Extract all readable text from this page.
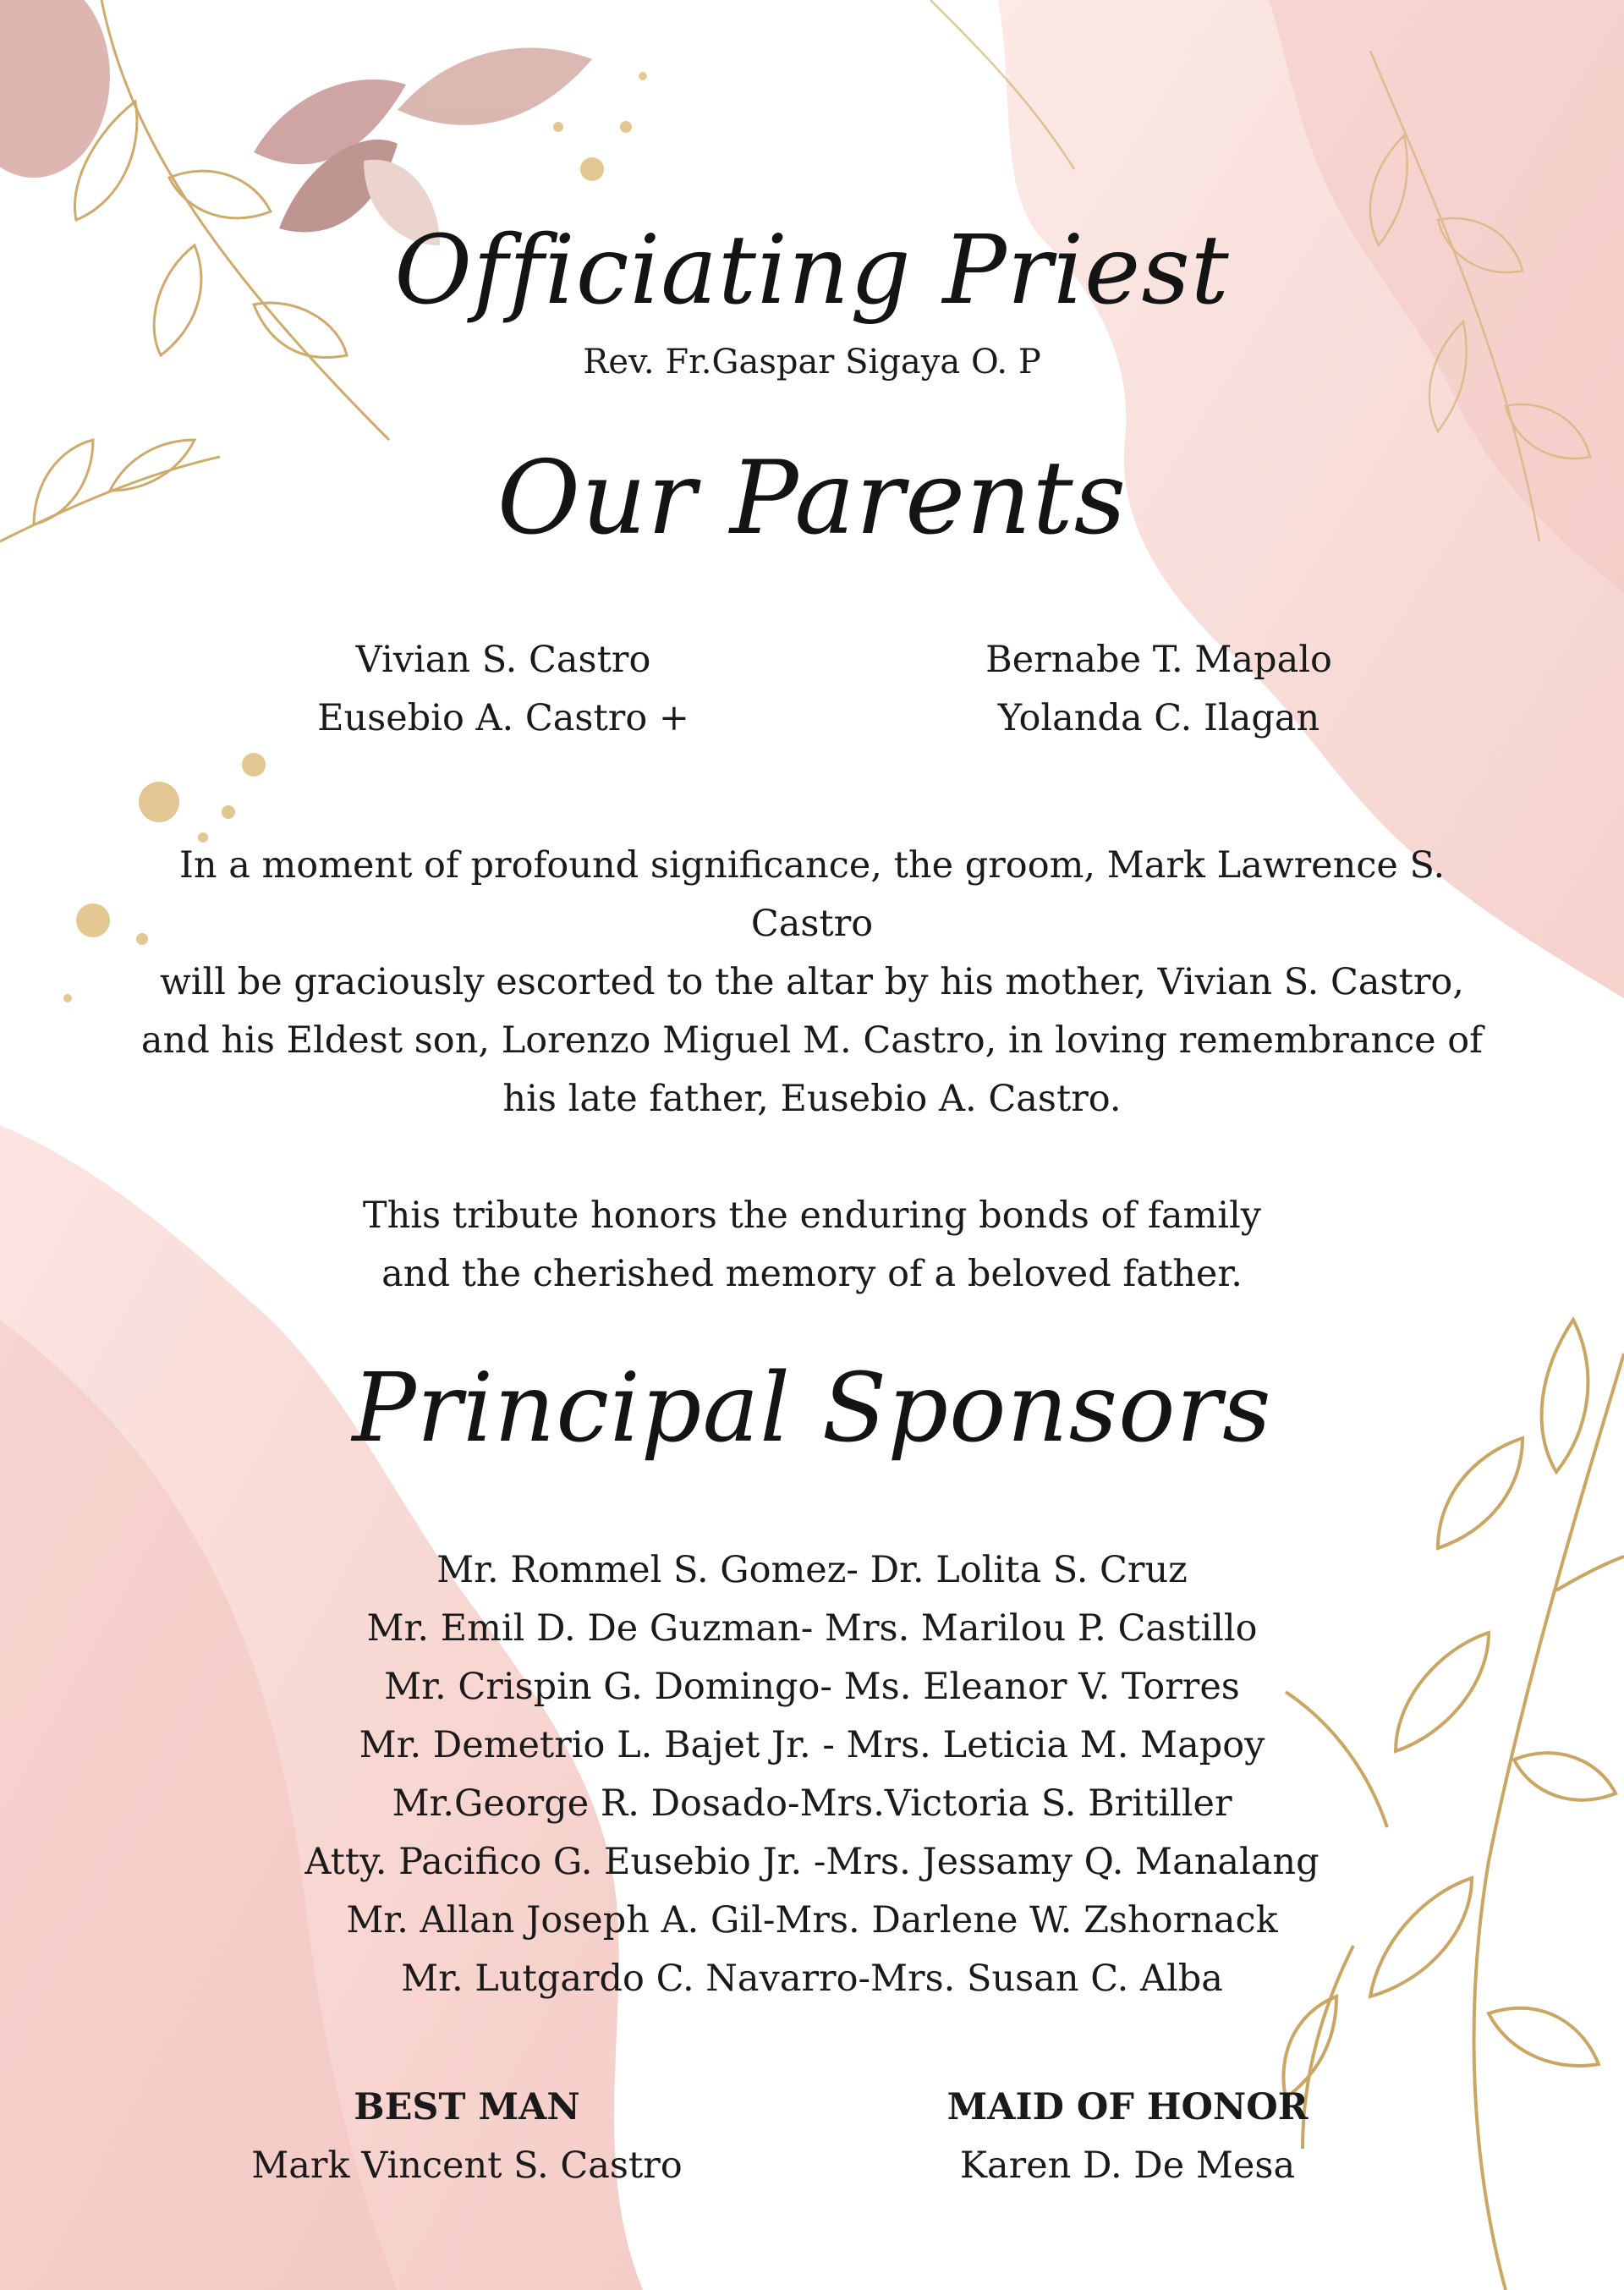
Officiating Priest
Rev. Fr.Gaspar Sigaya O. P
Our Parents
Vivian S. Castro
Eusebio A. Castro +
Bernabe T. Mapalo
Yolanda C. Ilagan
In a moment of profound significance, the groom, Mark Lawrence S.
Castro
will be graciously escorted to the altar by his mother, Vivian S. Castro,
and his Eldest son, Lorenzo Miguel M. Castro, in loving remembrance of
his late father, Eusebio A. Castro.
This tribute honors the enduring bonds of family
and the cherished memory of a beloved father.
Principal Sponsors
Mr. Rommel S. Gomez- Dr. Lolita S. Cruz
Mr. Emil D. De Guzman- Mrs. Marilou P. Castillo
Mr. Crispin G. Domingo- Ms. Eleanor V. Torres
Mr. Demetrio L. Bajet Jr. - Mrs. Leticia M. Mapoy
Mr.George R. Dosado-Mrs.Victoria S. Britiller
Atty. Pacifico G. Eusebio Jr. -Mrs. Jessamy Q. Manalang
Mr. Allan Joseph A. Gil-Mrs. Darlene W. Zshornack
Mr. Lutgardo C. Navarro-Mrs. Susan C. Alba
BEST MAN
Mark Vincent S. Castro
MAID OF HONOR
Karen D. De Mesa
